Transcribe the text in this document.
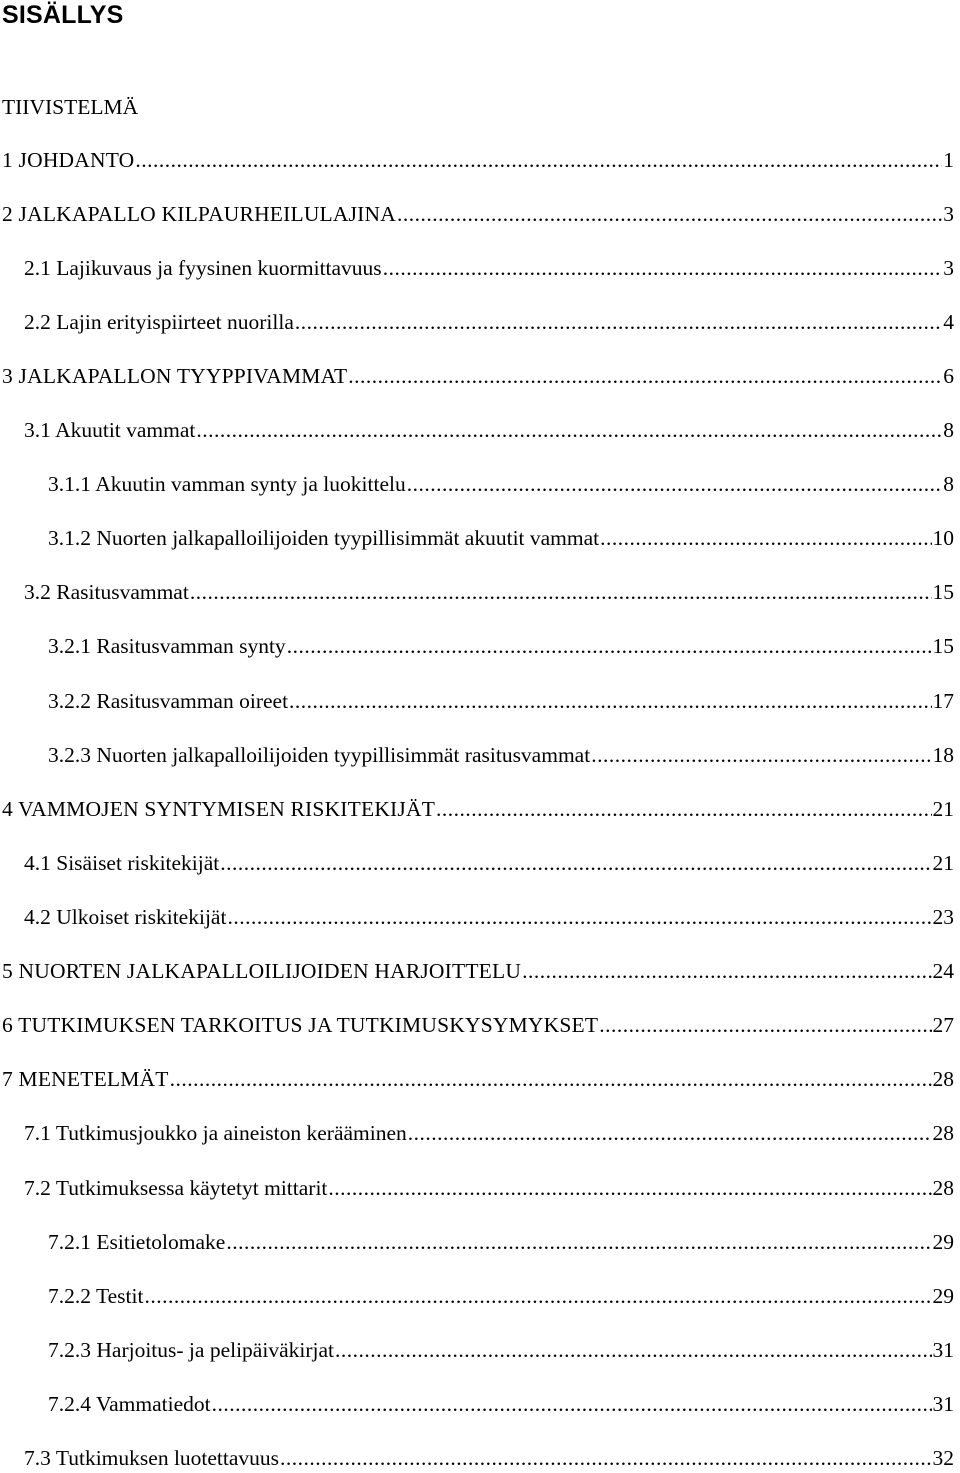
SISÄLLYS
TIIVISTELMÄ
1 JOHDANTO .....	1
2 JALKAPALLO KILPAURHEILULAJINA .....	3
2.1 Lajikuvaus ja fyysinen kuormittavuus .....	3
2.2 Lajin erityispiirteet nuorilla .....	4
3 JALKAPALLON TYYPPIVAMMAT .....	6
3.1 Akuutit vammat .....	8
3.1.1 Akuutin vamman synty ja luokittelu .....	8
3.1.2 Nuorten jalkapalloilijoiden tyypillisimmät akuutit vammat .....	10
3.2 Rasitusvammat .....	15
3.2.1 Rasitusvamman synty .....	15
3.2.2 Rasitusvamman oireet .....	17
3.2.3 Nuorten jalkapalloilijoiden tyypillisimmät rasitusvammat .....	18
4 VAMMOJEN SYNTYMISEN RISKITEKIJÄT .....	21
4.1 Sisäiset riskitekijät .....	21
4.2 Ulkoiset riskitekijät .....	23
5 NUORTEN JALKAPALLOILIJOIDEN HARJOITTELU .....	24
6 TUTKIMUKSEN TARKOITUS JA TUTKIMUSKYSYMYKSET .....	27
7 MENETELMÄT .....	28
7.1 Tutkimusjoukko ja aineiston kerääminen .....	28
7.2 Tutkimuksessa käytetyt mittarit .....	28
7.2.1 Esitietolomake .....	29
7.2.2 Testit .....	29
7.2.3 Harjoitus- ja pelipäiväkirjat .....	31
7.2.4 Vammatiedot .....	31
7.3 Tutkimuksen luotettavuus .....	32
